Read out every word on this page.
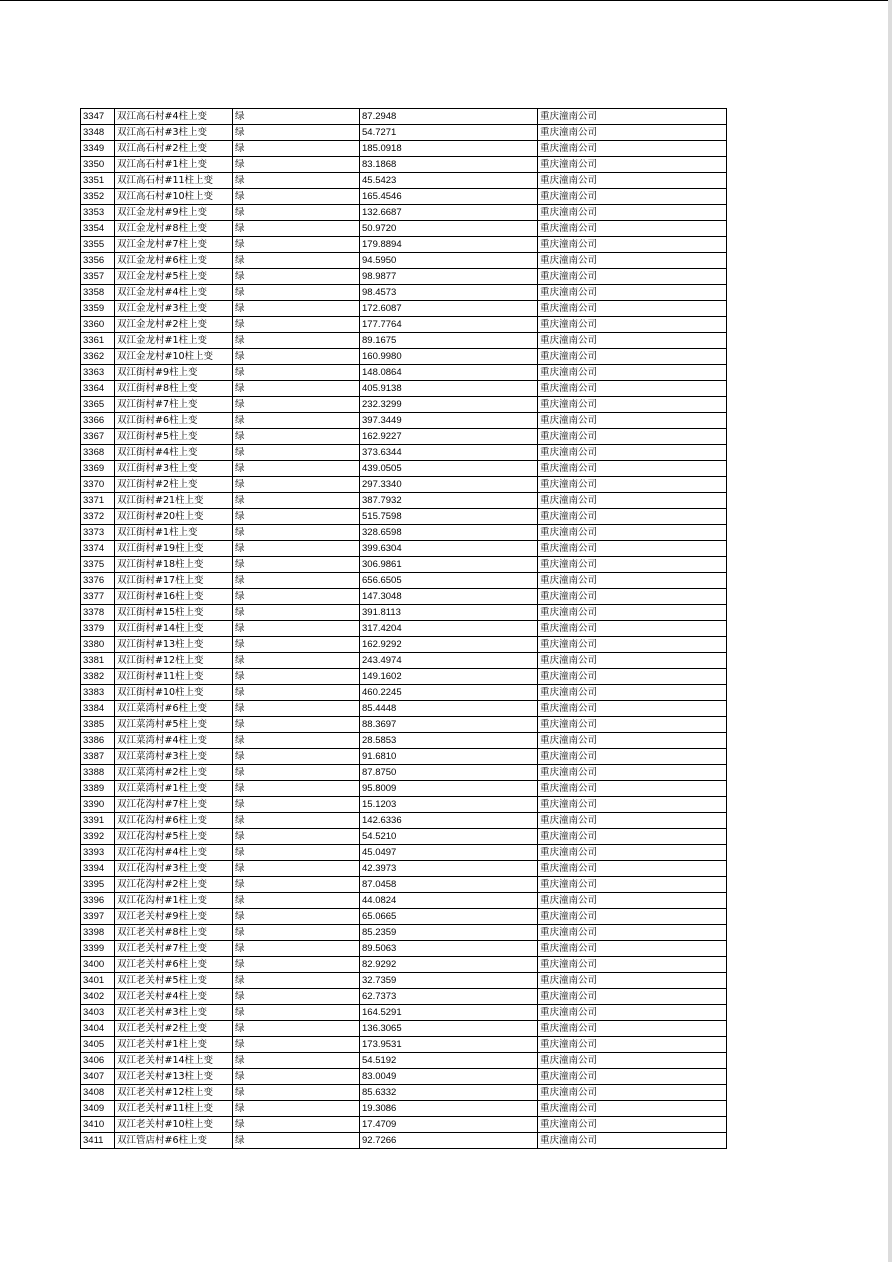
3347	双江高石村#4柱上变	绿	87.2948	重庆潼南公司
3348	双江高石村#3柱上变	绿	54.7271	重庆潼南公司
3349	双江高石村#2柱上变	绿	185.0918	重庆潼南公司
3350	双江高石村#1柱上变	绿	83.1868	重庆潼南公司
3351	双江高石村#11柱上变	绿	45.5423	重庆潼南公司
3352	双江高石村#10柱上变	绿	165.4546	重庆潼南公司
3353	双江金龙村#9柱上变	绿	132.6687	重庆潼南公司
3354	双江金龙村#8柱上变	绿	50.9720	重庆潼南公司
3355	双江金龙村#7柱上变	绿	179.8894	重庆潼南公司
3356	双江金龙村#6柱上变	绿	94.5950	重庆潼南公司
3357	双江金龙村#5柱上变	绿	98.9877	重庆潼南公司
3358	双江金龙村#4柱上变	绿	98.4573	重庆潼南公司
3359	双江金龙村#3柱上变	绿	172.6087	重庆潼南公司
3360	双江金龙村#2柱上变	绿	177.7764	重庆潼南公司
3361	双江金龙村#1柱上变	绿	89.1675	重庆潼南公司
3362	双江金龙村#10柱上变	绿	160.9980	重庆潼南公司
3363	双江街村#9柱上变	绿	148.0864	重庆潼南公司
3364	双江街村#8柱上变	绿	405.9138	重庆潼南公司
3365	双江街村#7柱上变	绿	232.3299	重庆潼南公司
3366	双江街村#6柱上变	绿	397.3449	重庆潼南公司
3367	双江街村#5柱上变	绿	162.9227	重庆潼南公司
3368	双江街村#4柱上变	绿	373.6344	重庆潼南公司
3369	双江街村#3柱上变	绿	439.0505	重庆潼南公司
3370	双江街村#2柱上变	绿	297.3340	重庆潼南公司
3371	双江街村#21柱上变	绿	387.7932	重庆潼南公司
3372	双江街村#20柱上变	绿	515.7598	重庆潼南公司
3373	双江街村#1柱上变	绿	328.6598	重庆潼南公司
3374	双江街村#19柱上变	绿	399.6304	重庆潼南公司
3375	双江街村#18柱上变	绿	306.9861	重庆潼南公司
3376	双江街村#17柱上变	绿	656.6505	重庆潼南公司
3377	双江街村#16柱上变	绿	147.3048	重庆潼南公司
3378	双江街村#15柱上变	绿	391.8113	重庆潼南公司
3379	双江街村#14柱上变	绿	317.4204	重庆潼南公司
3380	双江街村#13柱上变	绿	162.9292	重庆潼南公司
3381	双江街村#12柱上变	绿	243.4974	重庆潼南公司
3382	双江街村#11柱上变	绿	149.1602	重庆潼南公司
3383	双江街村#10柱上变	绿	460.2245	重庆潼南公司
3384	双江菜湾村#6柱上变	绿	85.4448	重庆潼南公司
3385	双江菜湾村#5柱上变	绿	88.3697	重庆潼南公司
3386	双江菜湾村#4柱上变	绿	28.5853	重庆潼南公司
3387	双江菜湾村#3柱上变	绿	91.6810	重庆潼南公司
3388	双江菜湾村#2柱上变	绿	87.8750	重庆潼南公司
3389	双江菜湾村#1柱上变	绿	95.8009	重庆潼南公司
3390	双江花沟村#7柱上变	绿	15.1203	重庆潼南公司
3391	双江花沟村#6柱上变	绿	142.6336	重庆潼南公司
3392	双江花沟村#5柱上变	绿	54.5210	重庆潼南公司
3393	双江花沟村#4柱上变	绿	45.0497	重庆潼南公司
3394	双江花沟村#3柱上变	绿	42.3973	重庆潼南公司
3395	双江花沟村#2柱上变	绿	87.0458	重庆潼南公司
3396	双江花沟村#1柱上变	绿	44.0824	重庆潼南公司
3397	双江老关村#9柱上变	绿	65.0665	重庆潼南公司
3398	双江老关村#8柱上变	绿	85.2359	重庆潼南公司
3399	双江老关村#7柱上变	绿	89.5063	重庆潼南公司
3400	双江老关村#6柱上变	绿	82.9292	重庆潼南公司
3401	双江老关村#5柱上变	绿	32.7359	重庆潼南公司
3402	双江老关村#4柱上变	绿	62.7373	重庆潼南公司
3403	双江老关村#3柱上变	绿	164.5291	重庆潼南公司
3404	双江老关村#2柱上变	绿	136.3065	重庆潼南公司
3405	双江老关村#1柱上变	绿	173.9531	重庆潼南公司
3406	双江老关村#14柱上变	绿	54.5192	重庆潼南公司
3407	双江老关村#13柱上变	绿	83.0049	重庆潼南公司
3408	双江老关村#12柱上变	绿	85.6332	重庆潼南公司
3409	双江老关村#11柱上变	绿	19.3086	重庆潼南公司
3410	双江老关村#10柱上变	绿	17.4709	重庆潼南公司
3411	双江管店村#6柱上变	绿	92.7266	重庆潼南公司
